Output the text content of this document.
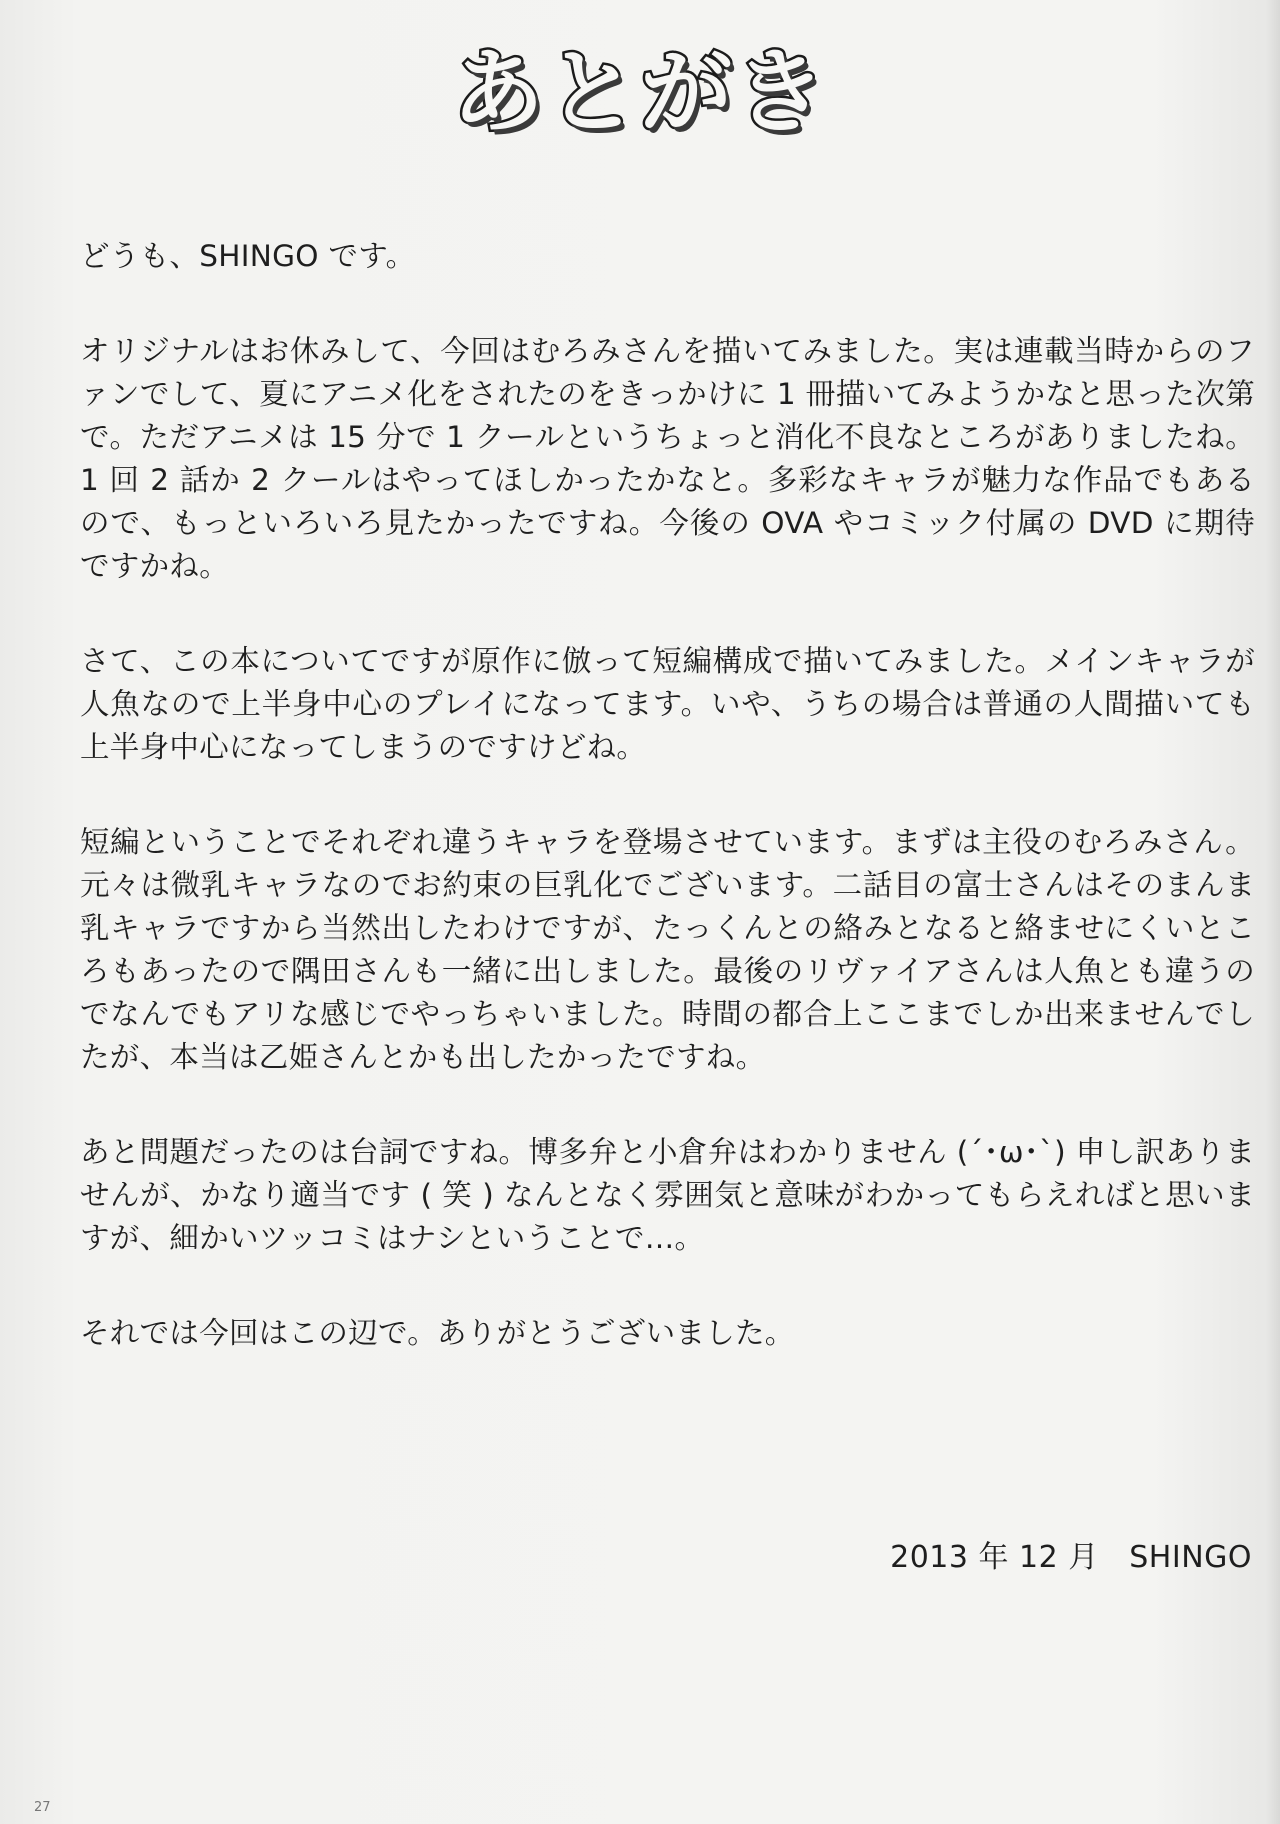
あとがき

どうも、SHINGO です。

オリジナルはお休みして、今回はむろみさんを描いてみました。実は連載当時からのファンでして、夏にアニメ化をされたのをきっかけに 1 冊描いてみようかなと思った次第で。ただアニメは 15 分で 1 クールというちょっと消化不良なところがありましたね。1 回 2 話か 2 クールはやってほしかったかなと。多彩なキャラが魅力な作品でもあるので、もっといろいろ見たかったですね。今後の OVA やコミック付属の DVD に期待ですかね。

さて、この本についてですが原作に倣って短編構成で描いてみました。メインキャラが人魚なので上半身中心のプレイになってます。いや、うちの場合は普通の人間描いても上半身中心になってしまうのですけどね。

短編ということでそれぞれ違うキャラを登場させています。まずは主役のむろみさん。元々は微乳キャラなのでお約束の巨乳化でございます。二話目の富士さんはそのまんま乳キャラですから当然出したわけですが、たっくんとの絡みとなると絡ませにくいところもあったので隅田さんも一緒に出しました。最後のリヴァイアさんは人魚とも違うのでなんでもアリな感じでやっちゃいました。時間の都合上ここまでしか出来ませんでしたが、本当は乙姫さんとかも出したかったですね。

あと問題だったのは台詞ですね。博多弁と小倉弁はわかりません (´･ω･`) 申し訳ありませんが、かなり適当です ( 笑 ) なんとなく雰囲気と意味がわかってもらえればと思いますが、細かいツッコミはナシということで…。

それでは今回はこの辺で。ありがとうございました。

2013 年 12 月　SHINGO
27
